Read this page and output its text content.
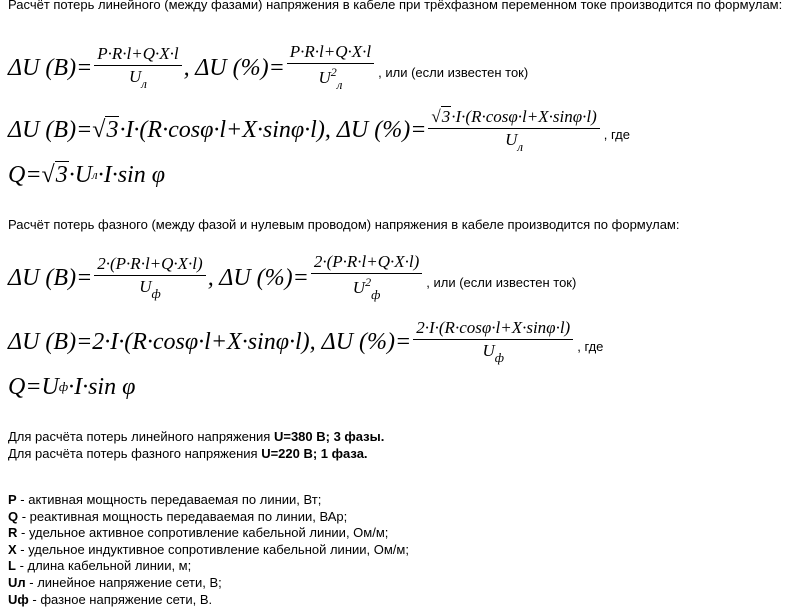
Расчёт потерь линейного (между фазами) напряжения в кабеле при трёхфазном переменном токе производится по формулам:
ΔU $(B)= \frac{P\cdot R\cdot l+Q\cdot X\cdot l}{U_л}$ , ΔU (%)= $\frac{P\cdot R\cdot l+Q\cdot X\cdot l}{U^2_л}$ , или (если известен ток)
ΔU (B)= √ 3 ·I·(R·cosφ·l+X·sinφ·l), ΔU (%)= $\frac{√3\cdot I\cdot(R\cdot\cos\varphi\cdot l+X\cdot\sin\varphi\cdot l)}{U_л}$ , где
Q= √ 3 ·U л ·I·sin φ
Расчёт потерь фазного (между фазой и нулевым проводом) напряжения в кабеле производится по формулам:
ΔU $(B)= \frac{2\cdot(P\cdot R\cdot l+Q\cdot X\cdot l)}{U_ф}$ , ΔU (%)= $\frac{2\cdot(P\cdot R\cdot l+Q\cdot X\cdot l)}{U^2_ф}$ , или (если известен ток)
ΔU (B)=2·I·(R·cosφ·l+X·sinφ·l), ΔU (%)= $\frac{2\cdot I\cdot(R\cdot\cos\varphi\cdot l+X\cdot\sin\varphi\cdot l)}{U_ф}$ , где
Q=U ф ·I·sin φ
Для расчёта потерь линейного напряжения U=380 В; 3 фазы.
Для расчёта потерь фазного напряжения U=220 В; 1 фаза.
P - активная мощность передаваемая по линии, Вт;
Q - реактивная мощность передаваемая по линии, ВАр;
R - удельное активное сопротивление кабельной линии, Ом/м;
X - удельное индуктивное сопротивление кабельной линии, Ом/м;
L - длина кабельной линии, м;
Uл - линейное напряжение сети, В;
Uф - фазное напряжение сети, В.
